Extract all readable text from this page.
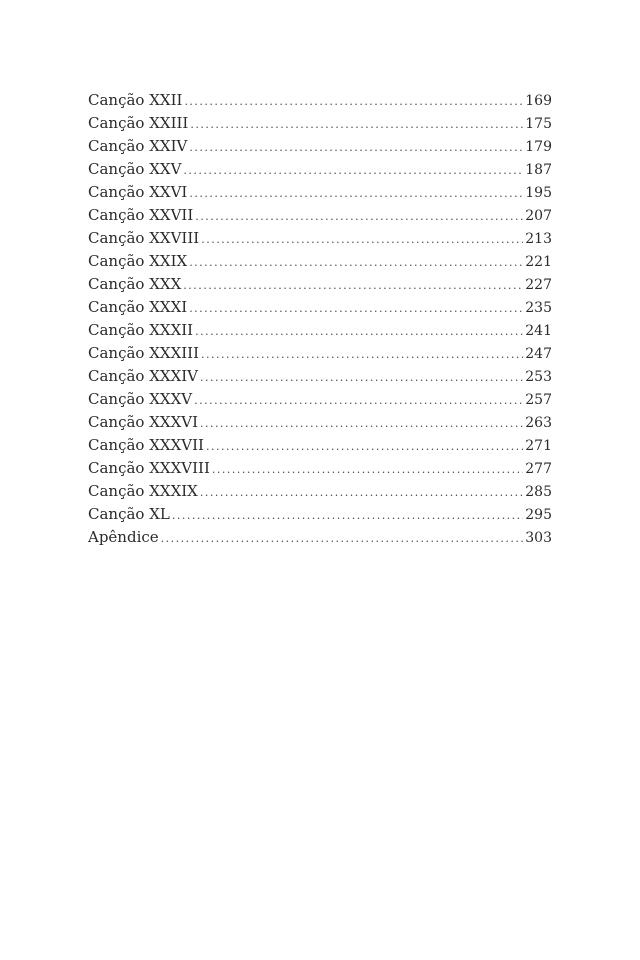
Canção XXII .....	169
Canção XXIII .....	175
Canção XXIV .....	179
Canção XXV .....	187
Canção XXVI .....	195
Canção XXVII .....	207
Canção XXVIII .....	213
Canção XXIX .....	221
Canção XXX .....	227
Canção XXXI .....	235
Canção XXXII .....	241
Canção XXXIII .....	247
Canção XXXIV .....	253
Canção XXXV .....	257
Canção XXXVI .....	263
Canção XXXVII .....	271
Canção XXXVIII .....	277
Canção XXXIX .....	285
Canção XL .....	295
Apêndice .....	303
